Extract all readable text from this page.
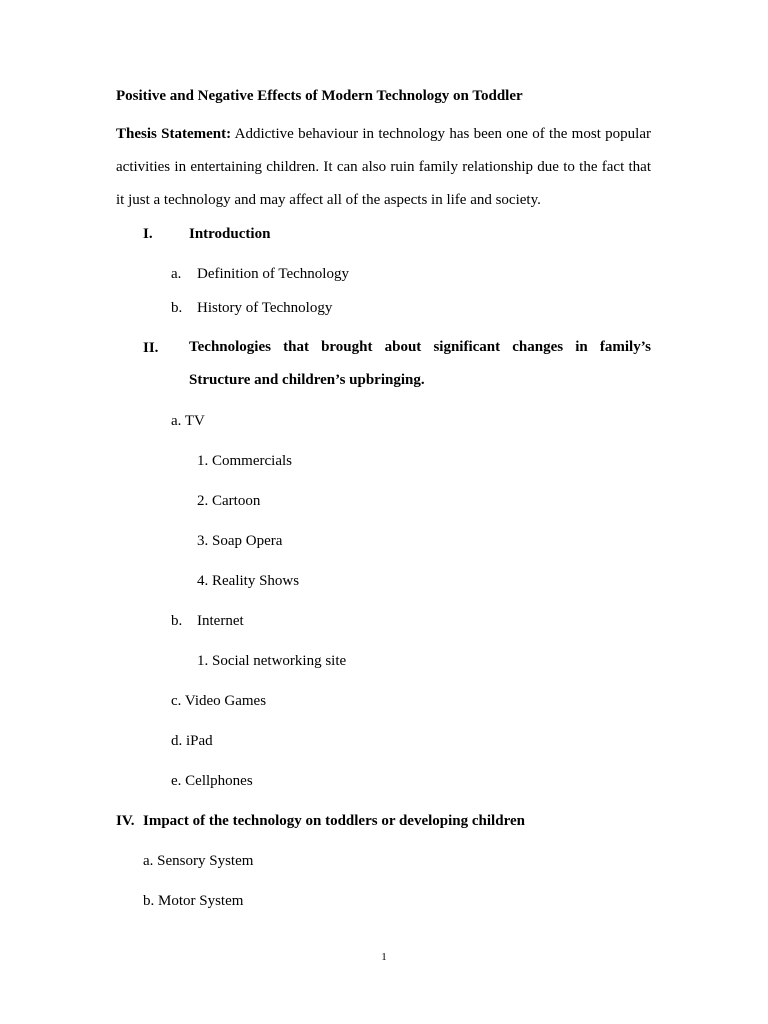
Positive and Negative Effects of Modern Technology on Toddler
Thesis Statement: Addictive behaviour in technology has been one of the most popular activities in entertaining children. It can also ruin family relationship due to the fact that it just a technology and may affect all of the aspects in life and society.
I. Introduction
a. Definition of Technology
b. History of Technology
II. Technologies that brought about significant changes in family’s Structure and children’s upbringing.
a. TV
1. Commercials
2. Cartoon
3. Soap Opera
4. Reality Shows
b. Internet
1. Social networking site
c. Video Games
d. iPad
e. Cellphones
IV. Impact of the technology on toddlers or developing children
a. Sensory System
b. Motor System
1
